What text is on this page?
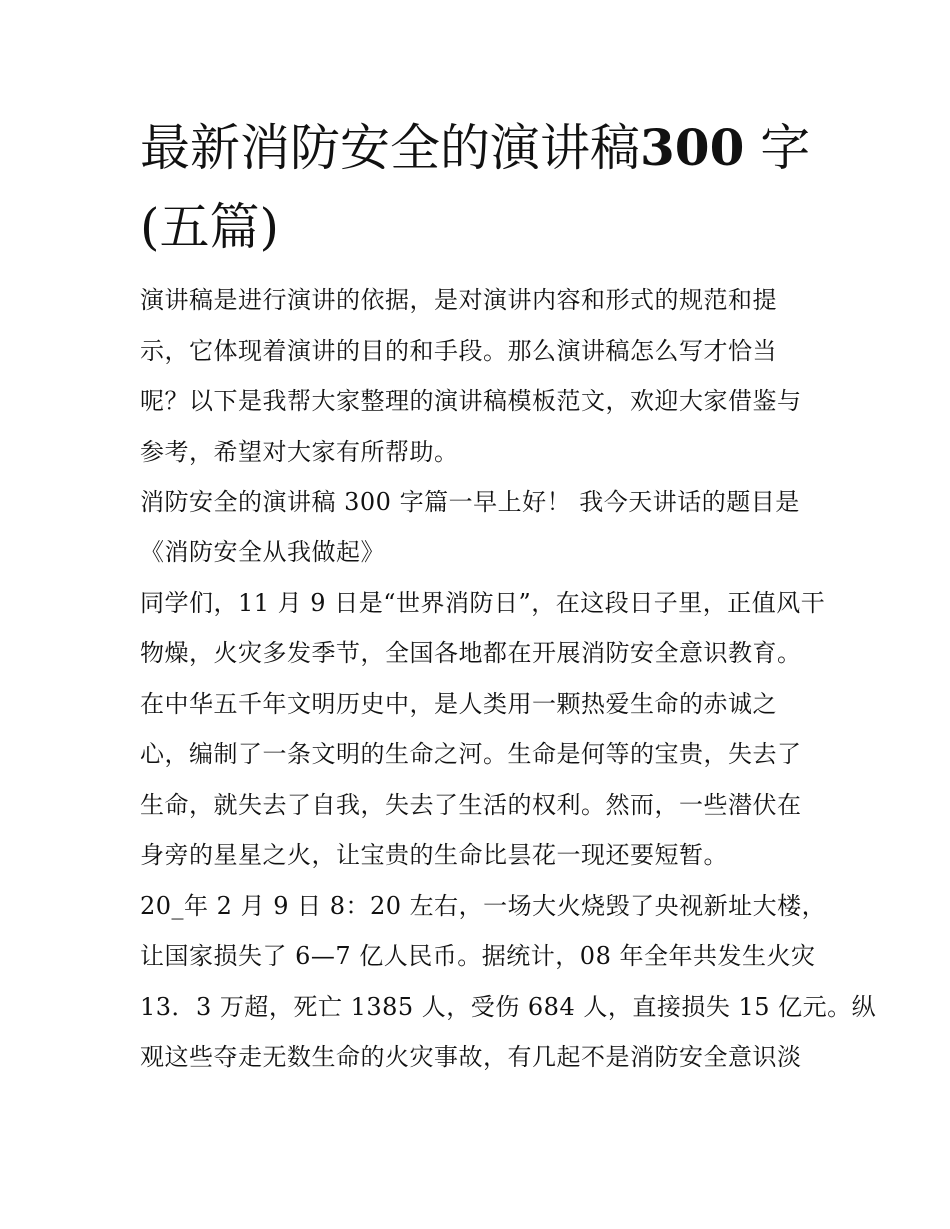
最新消防安全的演讲稿300 字
(五篇)
演讲稿是进行演讲的依据，是对演讲内容和形式的规范和提
示，它体现着演讲的目的和手段。那么演讲稿怎么写才恰当
呢？以下是我帮大家整理的演讲稿模板范文，欢迎大家借鉴与
参考，希望对大家有所帮助。
消防安全的演讲稿 300 字篇一早上好！ 我今天讲话的题目是
《消防安全从我做起》
同学们，11 月 9 日是“世界消防日”，在这段日子里，正值风干
物燥，火灾多发季节，全国各地都在开展消防安全意识教育。
在中华五千年文明历史中，是人类用一颗热爱生命的赤诚之
心，编制了一条文明的生命之河。生命是何等的宝贵，失去了
生命，就失去了自我，失去了生活的权利。然而，一些潜伏在
身旁的星星之火，让宝贵的生命比昙花一现还要短暂。
20_年 2 月 9 日 8：20 左右，一场大火烧毁了央视新址大楼，
让国家损失了 6—7 亿人民币。据统计，08 年全年共发生火灾
13．3 万超，死亡 1385 人，受伤 684 人，直接损失 15 亿元。纵
观这些夺走无数生命的火灾事故，有几起不是消防安全意识淡
